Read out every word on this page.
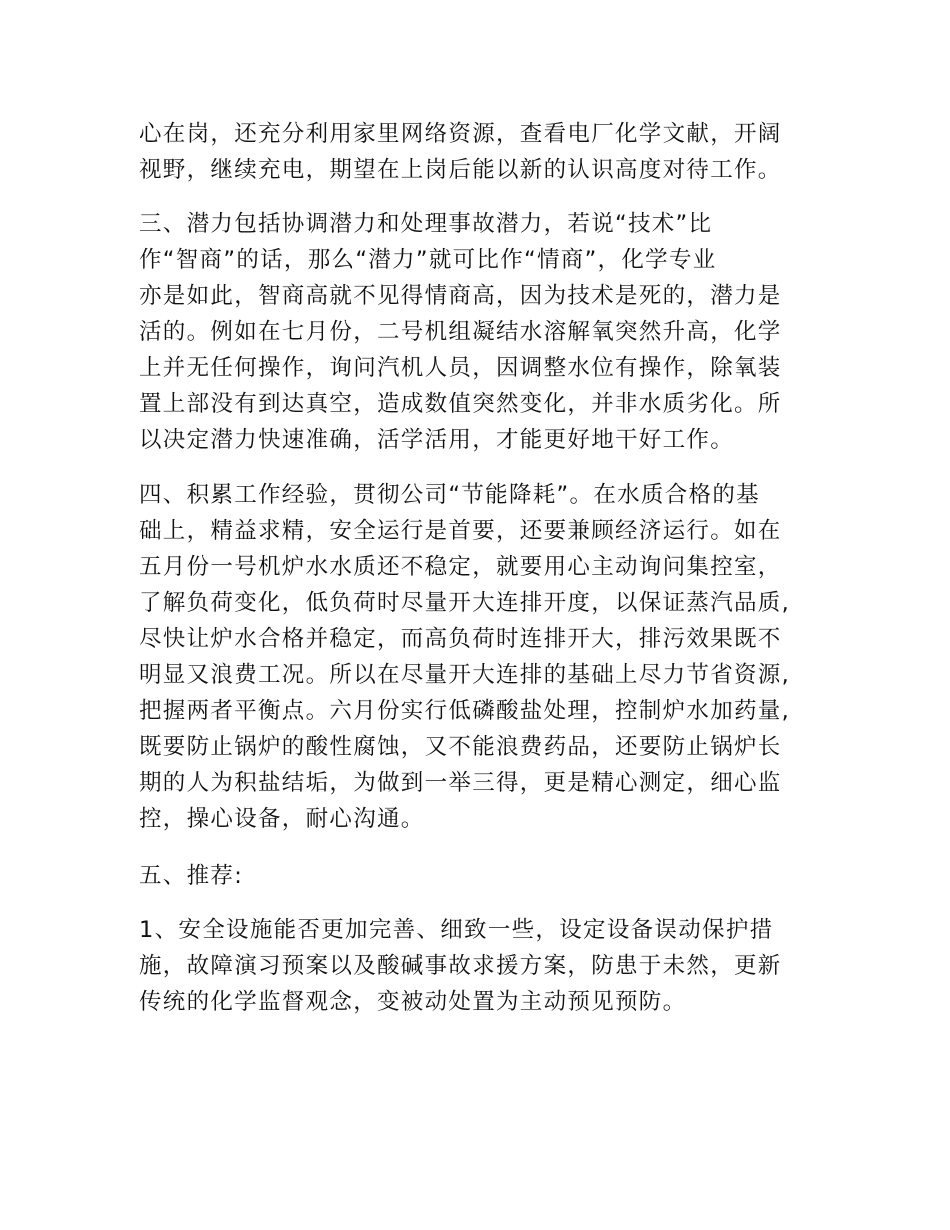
心在岗，还充分利用家里网络资源，查看电厂化学文献，开阔
视野，继续充电，期望在上岗后能以新的认识高度对待工作。
三、潜力包括协调潜力和处理事故潜力，若说“技术”比
作“智商”的话，那么“潜力”就可比作“情商”，化学专业
亦是如此，智商高就不见得情商高，因为技术是死的，潜力是
活的。例如在七月份，二号机组凝结水溶解氧突然升高，化学
上并无任何操作，询问汽机人员，因调整水位有操作，除氧装
置上部没有到达真空，造成数值突然变化，并非水质劣化。所
以决定潜力快速准确，活学活用，才能更好地干好工作。
四、积累工作经验，贯彻公司“节能降耗”。在水质合格的基
础上，精益求精，安全运行是首要，还要兼顾经济运行。如在
五月份一号机炉水水质还不稳定，就要用心主动询问集控室，
了解负荷变化，低负荷时尽量开大连排开度，以保证蒸汽品质,
尽快让炉水合格并稳定，而高负荷时连排开大，排污效果既不
明显又浪费工况。所以在尽量开大连排的基础上尽力节省资源,
把握两者平衡点。六月份实行低磷酸盐处理，控制炉水加药量,
既要防止锅炉的酸性腐蚀，又不能浪费药品，还要防止锅炉长
期的人为积盐结垢，为做到一举三得，更是精心测定，细心监
控，操心设备，耐心沟通。
五、推荐:
1、安全设施能否更加完善、细致一些，设定设备误动保护措
施，故障演习预案以及酸碱事故求援方案，防患于未然，更新
传统的化学监督观念，变被动处置为主动预见预防。
